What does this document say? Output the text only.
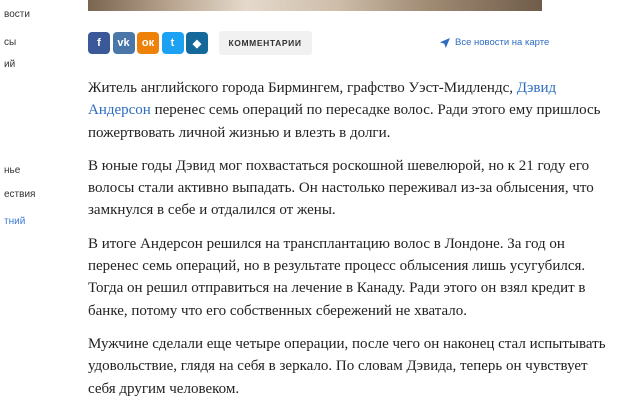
вости
сы
ий
нье
ествия
тний
f vk ок t ◆	КОММЕНТАРИИ	Все новости на карте

Житель английского города Бирмингем, графство Уэст-Мидлендс, Дэвид Андерсон перенес семь операций по пересадке волос. Ради этого ему пришлось пожертвовать личной жизнью и влезть в долги.

В юные годы Дэвид мог похвастаться роскошной шевелюрой, но к 21 году его волосы стали активно выпадать. Он настолько переживал из-за облысения, что замкнулся в себе и отдалился от жены.

В итоге Андерсон решился на трансплантацию волос в Лондоне. За год он перенес семь операций, но в результате процесс облысения лишь усугубился. Тогда он решил отправиться на лечение в Канаду. Ради этого он взял кредит в банке, потому что его собственных сбережений не хватало.

Мужчине сделали еще четыре операции, после чего он наконец стал испытывать удовольствие, глядя на себя в зеркало. По словам Дэвида, теперь он чувствует себя другим человеком.
